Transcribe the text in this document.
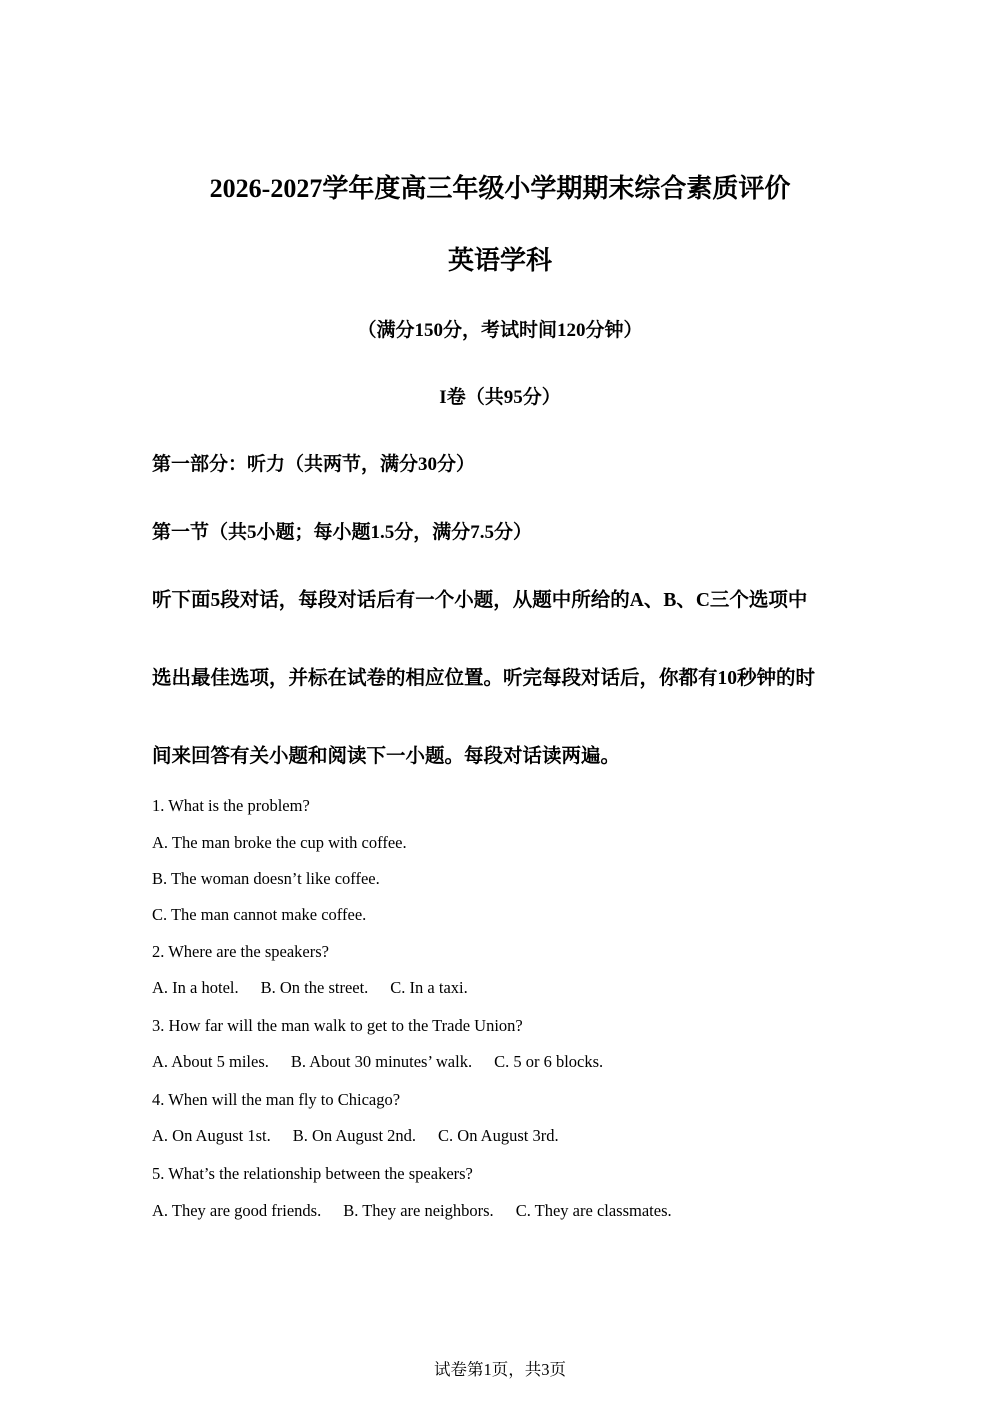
2026-2027学年度高三年级小学期期末综合素质评价
英语学科
（满分150分，考试时间120分钟）
I卷（共95分）
第一部分：听力（共两节，满分30分）
第一节（共5小题；每小题1.5分，满分7.5分）
听下面5段对话，每段对话后有一个小题，从题中所给的A、B、C三个选项中
选出最佳选项，并标在试卷的相应位置。听完每段对话后，你都有10秒钟的时
间来回答有关小题和阅读下一小题。每段对话读两遍。
1. What is the problem?
A. The man broke the cup with coffee.
B. The woman doesn’t like coffee.
C. The man cannot make coffee.
2. Where are the speakers?
A. In a hotel. B. On the street. C. In a taxi.
3. How far will the man walk to get to the Trade Union?
A. About 5 miles. B. About 30 minutes’ walk. C. 5 or 6 blocks.
4. When will the man fly to Chicago?
A. On August 1st. B. On August 2nd. C. On August 3rd.
5. What’s the relationship between the speakers?
A. They are good friends. B. They are neighbors. C. They are classmates.
试卷第1页，共3页
